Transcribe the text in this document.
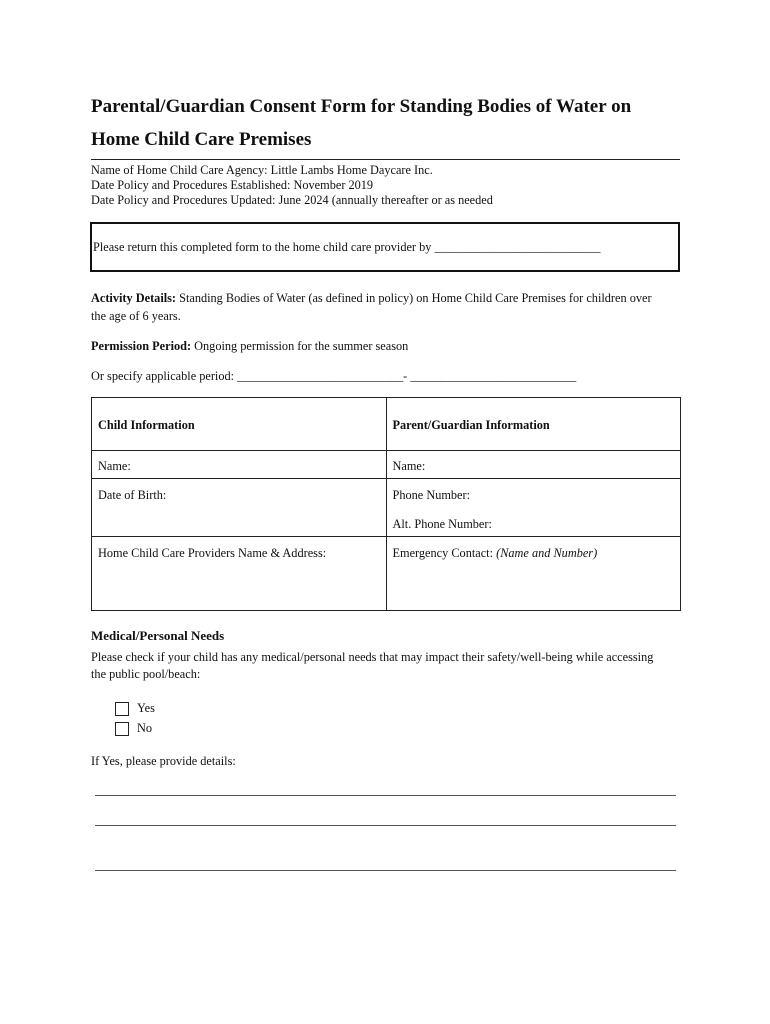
Parental/Guardian Consent Form for Standing Bodies of Water on
Home Child Care Premises
Name of Home Child Care Agency: Little Lambs Home Daycare Inc.
Date Policy and Procedures Established: November 2019
Date Policy and Procedures Updated: June 2024 (annually thereafter or as needed
Please return this completed form to the home child care provider by ___________________________
Activity Details: Standing Bodies of Water (as defined in policy) on Home Child Care Premises for children over
the age of 6 years.
Permission Period: Ongoing permission for the summer season
Or specify applicable period: ___________________________- ___________________________
Child Information	Parent/Guardian Information
Name:	Name:
Date of Birth:	Phone Number:
Alt. Phone Number:

Home Child Care Providers Name & Address:	Emergency Contact: (Name and Number)
Medical/Personal Needs
Please check if your child has any medical/personal needs that may impact their safety/well-being while accessing
the public pool/beach:
Yes
No
If Yes, please provide details:
